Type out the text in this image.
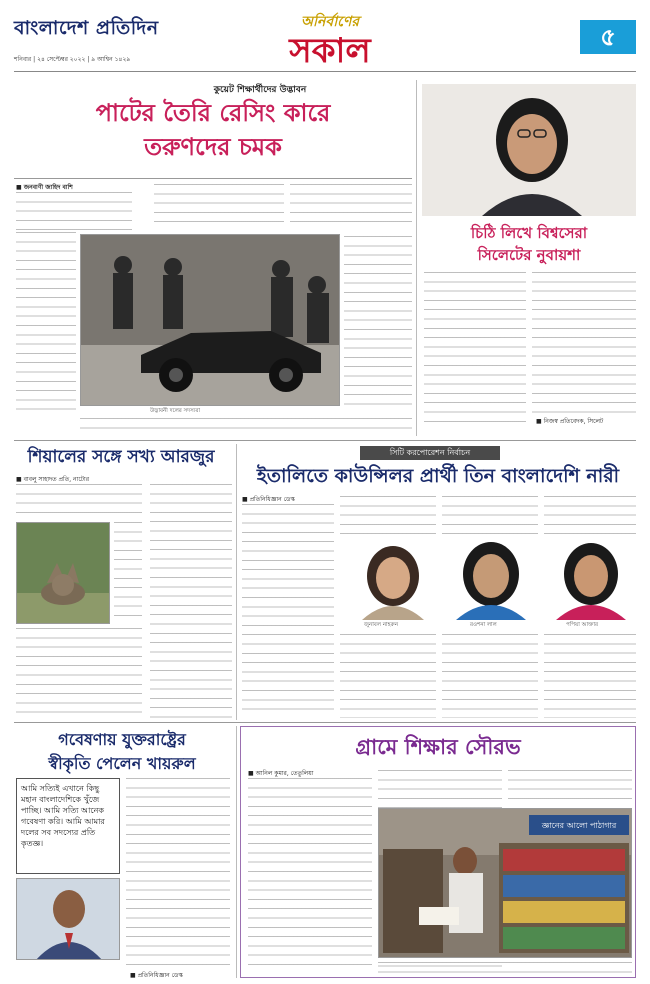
বাংলাদেশ প্রতিদিন
শনিবার | ২৪ সেপ্টেম্বর ২০২২ | ৯ আশ্বিন ১৪২৯
অনির্বাণের
সকাল	৫
কুয়েট শিক্ষার্থীদের উদ্ভাবন
পাটের তৈরি রেসিং কারে
তরুণদের চমক
■ জনবাণী জাহিদ বাশি
উদ্ভাবনী দলের সদস্যরা
চিঠি লিখে বিশ্বসেরা
সিলেটের নুবায়শা
■ নিজস্ব প্রতিবেদক, সিলেট
শিয়ালের সঙ্গে সখ্য আরজুর
■ বাবলু সাহাদত প্রতি, নাটোর
সিটি করপোরেশন নির্বাচন
ইতালিতে কাউন্সিলর প্রার্থী তিন বাংলাদেশি নারী
■ প্রতিনিধিজ্ঞান ডেস্ক
জুনাবল নাহরুন	রওশনা লাল	পপিয়া আক্তার
গবেষণায় যুক্তরাষ্ট্রের
স্বীকৃতি পেলেন খায়রুল
আমি সত্যিই এখানে কিছু মহান বাংলাদেশিকে খুঁজে পাচ্ছি। আমি সত্যি আনেক গবেষণা করি। আমি আমার দলের সব সদস্যের প্রতি কৃতজ্ঞ।
■ প্রতিনিধিজ্ঞান ডেস্ক
গ্রামে শিক্ষার সৌরভ
■ আনিল কুমার, তেতুলিয়া
জ্ঞানের আলো পাঠাগার
